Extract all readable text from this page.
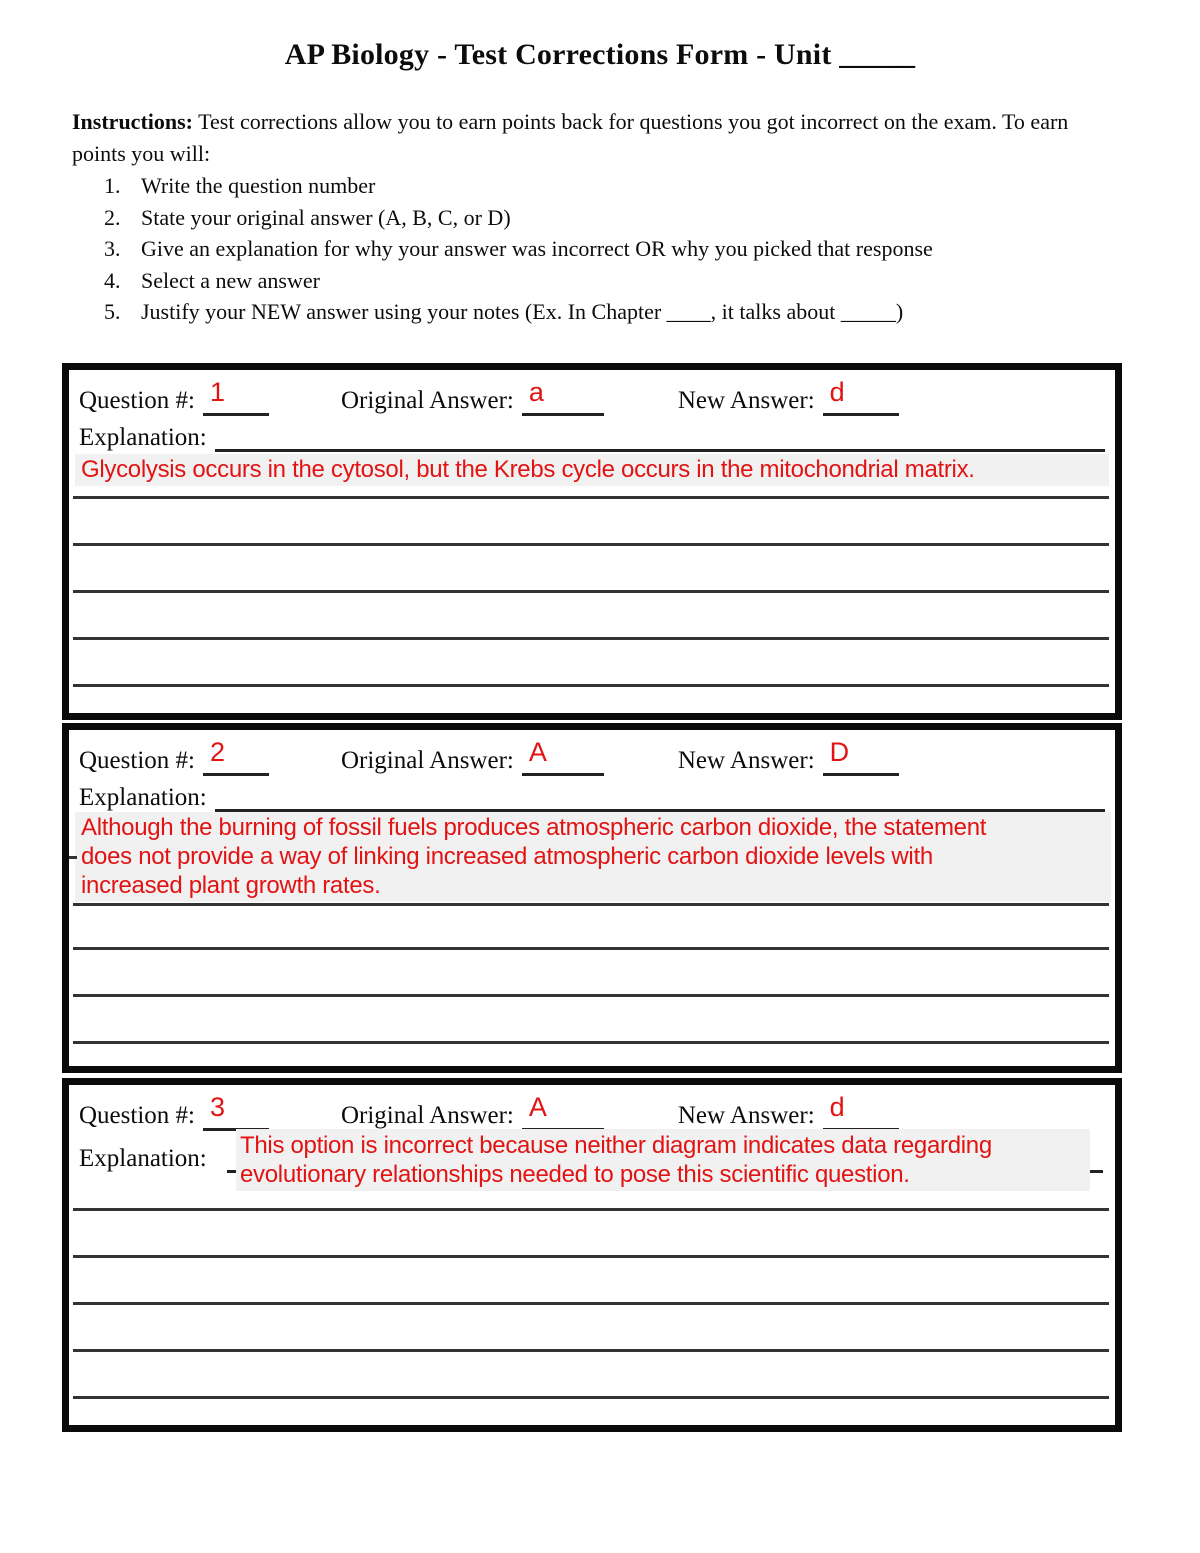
AP Biology - Test Corrections Form - Unit _____
Instructions: Test corrections allow you to earn points back for questions you got incorrect on the exam. To earn points you will:
1. Write the question number
2. State your original answer (A, B, C, or D)
3. Give an explanation for why your answer was incorrect OR why you picked that response
4. Select a new answer
5. Justify your NEW answer using your notes (Ex. In Chapter ____, it talks about _____)
Question #: 1	Original Answer: a	New Answer: d
Explanation:
Glycolysis occurs in the cytosol, but the Krebs cycle occurs in the mitochondrial matrix.
Question #: 2	Original Answer: A	New Answer: D
Explanation:
Although the burning of fossil fuels produces atmospheric carbon dioxide, the statement
does not provide a way of linking increased atmospheric carbon dioxide levels with
increased plant growth rates.
Question #: 3	Original Answer: A	New Answer: d
Explanation: This option is incorrect because neither diagram indicates data regarding
evolutionary relationships needed to pose this scientific question.
